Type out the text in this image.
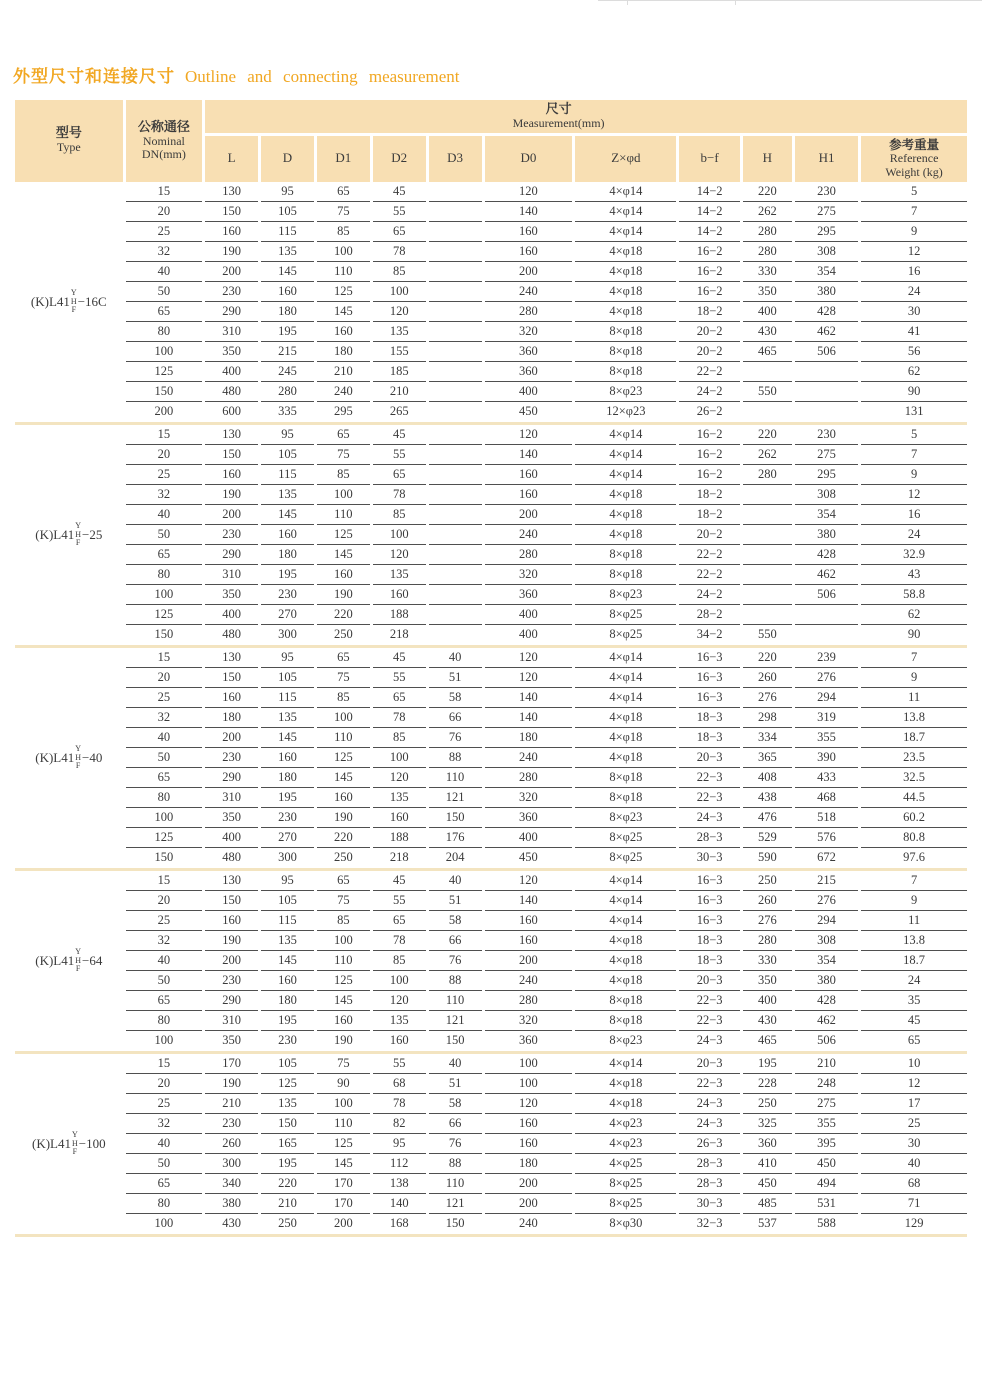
外型尺寸和连接尺寸 Outline and connecting measurement
型号
Type	公称通径
Nominal
DN(mm)	尺寸
Measurement(mm)										

		L	D	D1	D2	D3	D0	Z×φd	b−f	H	H1	参考重量
Reference
Weight (kg)

(K)L41
Y
H
F
−16C	15	130	95	65	45		120	4×φ14	14−2	220	230	5
	20	150	105	75	55		140	4×φ14	14−2	262	275	7
	25	160	115	85	65		160	4×φ14	14−2	280	295	9
	32	190	135	100	78		160	4×φ18	16−2	280	308	12
	40	200	145	110	85		200	4×φ18	16−2	330	354	16
	50	230	160	125	100		240	4×φ18	16−2	350	380	24
	65	290	180	145	120		280	4×φ18	18−2	400	428	30
	80	310	195	160	135		320	8×φ18	20−2	430	462	41
	100	350	215	180	155		360	8×φ18	20−2	465	506	56
	125	400	245	210	185		360	8×φ18	22−2			62
	150	480	280	240	210		400	8×φ23	24−2	550		90
	200	600	335	295	265		450	12×φ23	26−2			131

(K)L41
Y
H
F
−25	15	130	95	65	45		120	4×φ14	16−2	220	230	5
	20	150	105	75	55		140	4×φ14	16−2	262	275	7
	25	160	115	85	65		160	4×φ14	16−2	280	295	9
	32	190	135	100	78		160	4×φ18	18−2		308	12
	40	200	145	110	85		200	4×φ18	18−2		354	16
	50	230	160	125	100		240	4×φ18	20−2		380	24
	65	290	180	145	120		280	8×φ18	22−2		428	32.9
	80	310	195	160	135		320	8×φ18	22−2		462	43
	100	350	230	190	160		360	8×φ23	24−2		506	58.8
	125	400	270	220	188		400	8×φ25	28−2			62
	150	480	300	250	218		400	8×φ25	34−2	550		90

(K)L41
Y
H
F
−40	15	130	95	65	45	40	120	4×φ14	16−3	220	239	7
	20	150	105	75	55	51	120	4×φ14	16−3	260	276	9
	25	160	115	85	65	58	140	4×φ14	16−3	276	294	11
	32	180	135	100	78	66	140	4×φ18	18−3	298	319	13.8
	40	200	145	110	85	76	180	4×φ18	18−3	334	355	18.7
	50	230	160	125	100	88	240	4×φ18	20−3	365	390	23.5
	65	290	180	145	120	110	280	8×φ18	22−3	408	433	32.5
	80	310	195	160	135	121	320	8×φ18	22−3	438	468	44.5
	100	350	230	190	160	150	360	8×φ23	24−3	476	518	60.2
	125	400	270	220	188	176	400	8×φ25	28−3	529	576	80.8
	150	480	300	250	218	204	450	8×φ25	30−3	590	672	97.6

(K)L41
Y
H
F
−64	15	130	95	65	45	40	120	4×φ14	16−3	250	215	7
	20	150	105	75	55	51	140	4×φ14	16−3	260	276	9
	25	160	115	85	65	58	160	4×φ14	16−3	276	294	11
	32	190	135	100	78	66	160	4×φ18	18−3	280	308	13.8
	40	200	145	110	85	76	200	4×φ18	18−3	330	354	18.7
	50	230	160	125	100	88	240	4×φ18	20−3	350	380	24
	65	290	180	145	120	110	280	8×φ18	22−3	400	428	35
	80	310	195	160	135	121	320	8×φ18	22−3	430	462	45
	100	350	230	190	160	150	360	8×φ23	24−3	465	506	65

(K)L41
Y
H
F
−100	15	170	105	75	55	40	100	4×φ14	20−3	195	210	10
	20	190	125	90	68	51	100	4×φ18	22−3	228	248	12
	25	210	135	100	78	58	120	4×φ18	24−3	250	275	17
	32	230	150	110	82	66	160	4×φ23	24−3	325	355	25
	40	260	165	125	95	76	160	4×φ23	26−3	360	395	30
	50	300	195	145	112	88	180	4×φ25	28−3	410	450	40
	65	340	220	170	138	110	200	8×φ25	28−3	450	494	68
	80	380	210	170	140	121	200	8×φ25	30−3	485	531	71
	100	430	250	200	168	150	240	8×φ30	32−3	537	588	129
